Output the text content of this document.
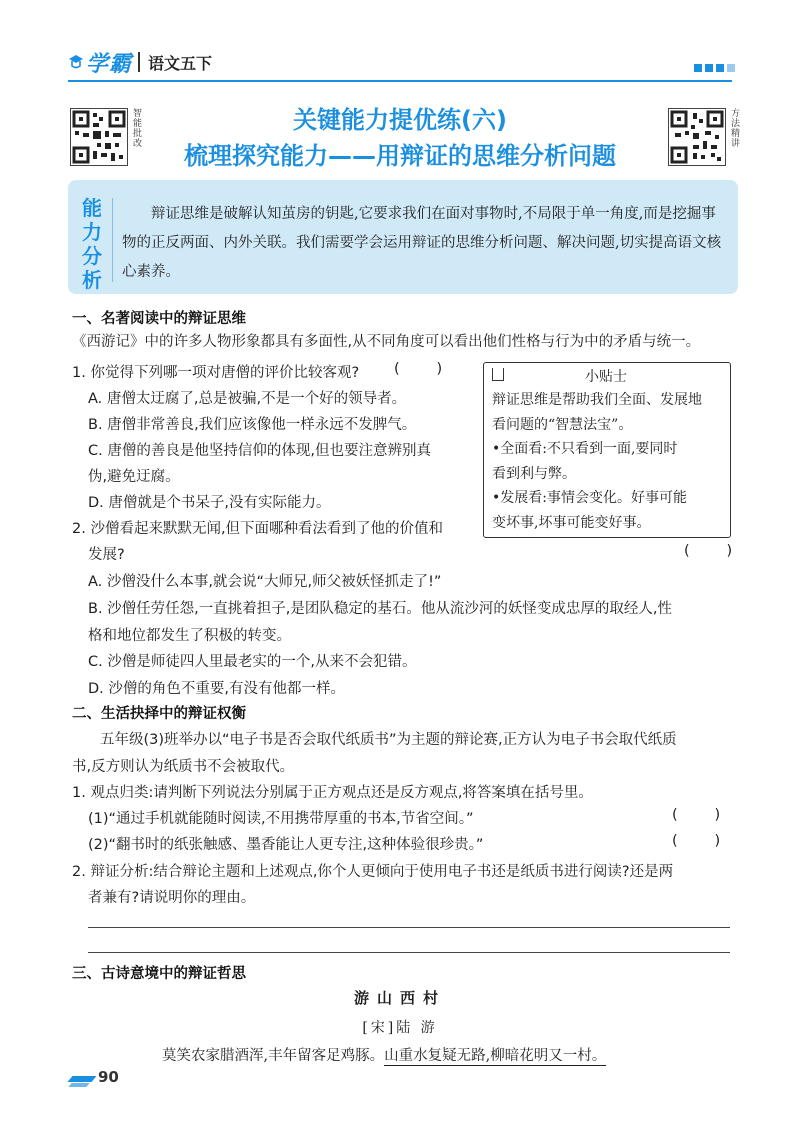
学霸 语文五下
智能批改	关键能力提优练(六)
梳理探究能力——用辩证的思维分析问题
方法精讲
能力分析
辩证思维是破解认知茧房的钥匙,它要求我们在面对事物时,不局限于单一角度,而是挖掘事物的正反两面、内外关联。我们需要学会运用辩证的思维分析问题、解决问题,切实提高语文核心素养。
一、名著阅读中的辩证思维
《西游记》中的许多人物形象都具有多面性,从不同角度可以看出他们性格与行为中的矛盾与统一。
1. 你觉得下列哪一项对唐僧的评价比较客观? (        )
A. 唐僧太迂腐了,总是被骗,不是一个好的领导者。
B. 唐僧非常善良,我们应该像他一样永远不发脾气。
C. 唐僧的善良是他坚持信仰的体现,但也要注意辨别真
伪,避免迂腐。
D. 唐僧就是个书呆子,没有实际能力。
2. 沙僧看起来默默无闻,但下面哪种看法看到了他的价值和
发展?	(        )
A. 沙僧没什么本事,就会说“大师兄,师父被妖怪抓走了!”
B. 沙僧任劳任怨,一直挑着担子,是团队稳定的基石。他从流沙河的妖怪变成忠厚的取经人,性
格和地位都发生了积极的转变。
C. 沙僧是师徒四人里最老实的一个,从来不会犯错。
D. 沙僧的角色不重要,有没有他都一样。
小贴士
辩证思维是帮助我们全面、发展地
看问题的“智慧法宝”。
•全面看:不只看到一面,要同时
看到利与弊。
•发展看:事情会变化。好事可能
变坏事,坏事可能变好事。
二、生活抉择中的辩证权衡
五年级(3)班举办以“电子书是否会取代纸质书”为主题的辩论赛,正方认为电子书会取代纸质
书,反方则认为纸质书不会被取代。
1. 观点归类:请判断下列说法分别属于正方观点还是反方观点,将答案填在括号里。
(1)“通过手机就能随时阅读,不用携带厚重的书本,节省空间。”	(        )
(2)“翻书时的纸张触感、墨香能让人更专注,这种体验很珍贵。”	(        )
2. 辩证分析:结合辩论主题和上述观点,你个人更倾向于使用电子书还是纸质书进行阅读?还是两
者兼有?请说明你的理由。
三、古诗意境中的辩证哲思
游山西村
[宋]陆 游
莫笑农家腊酒浑,丰年留客足鸡豚。山重水复疑无路,柳暗花明又一村。
90
